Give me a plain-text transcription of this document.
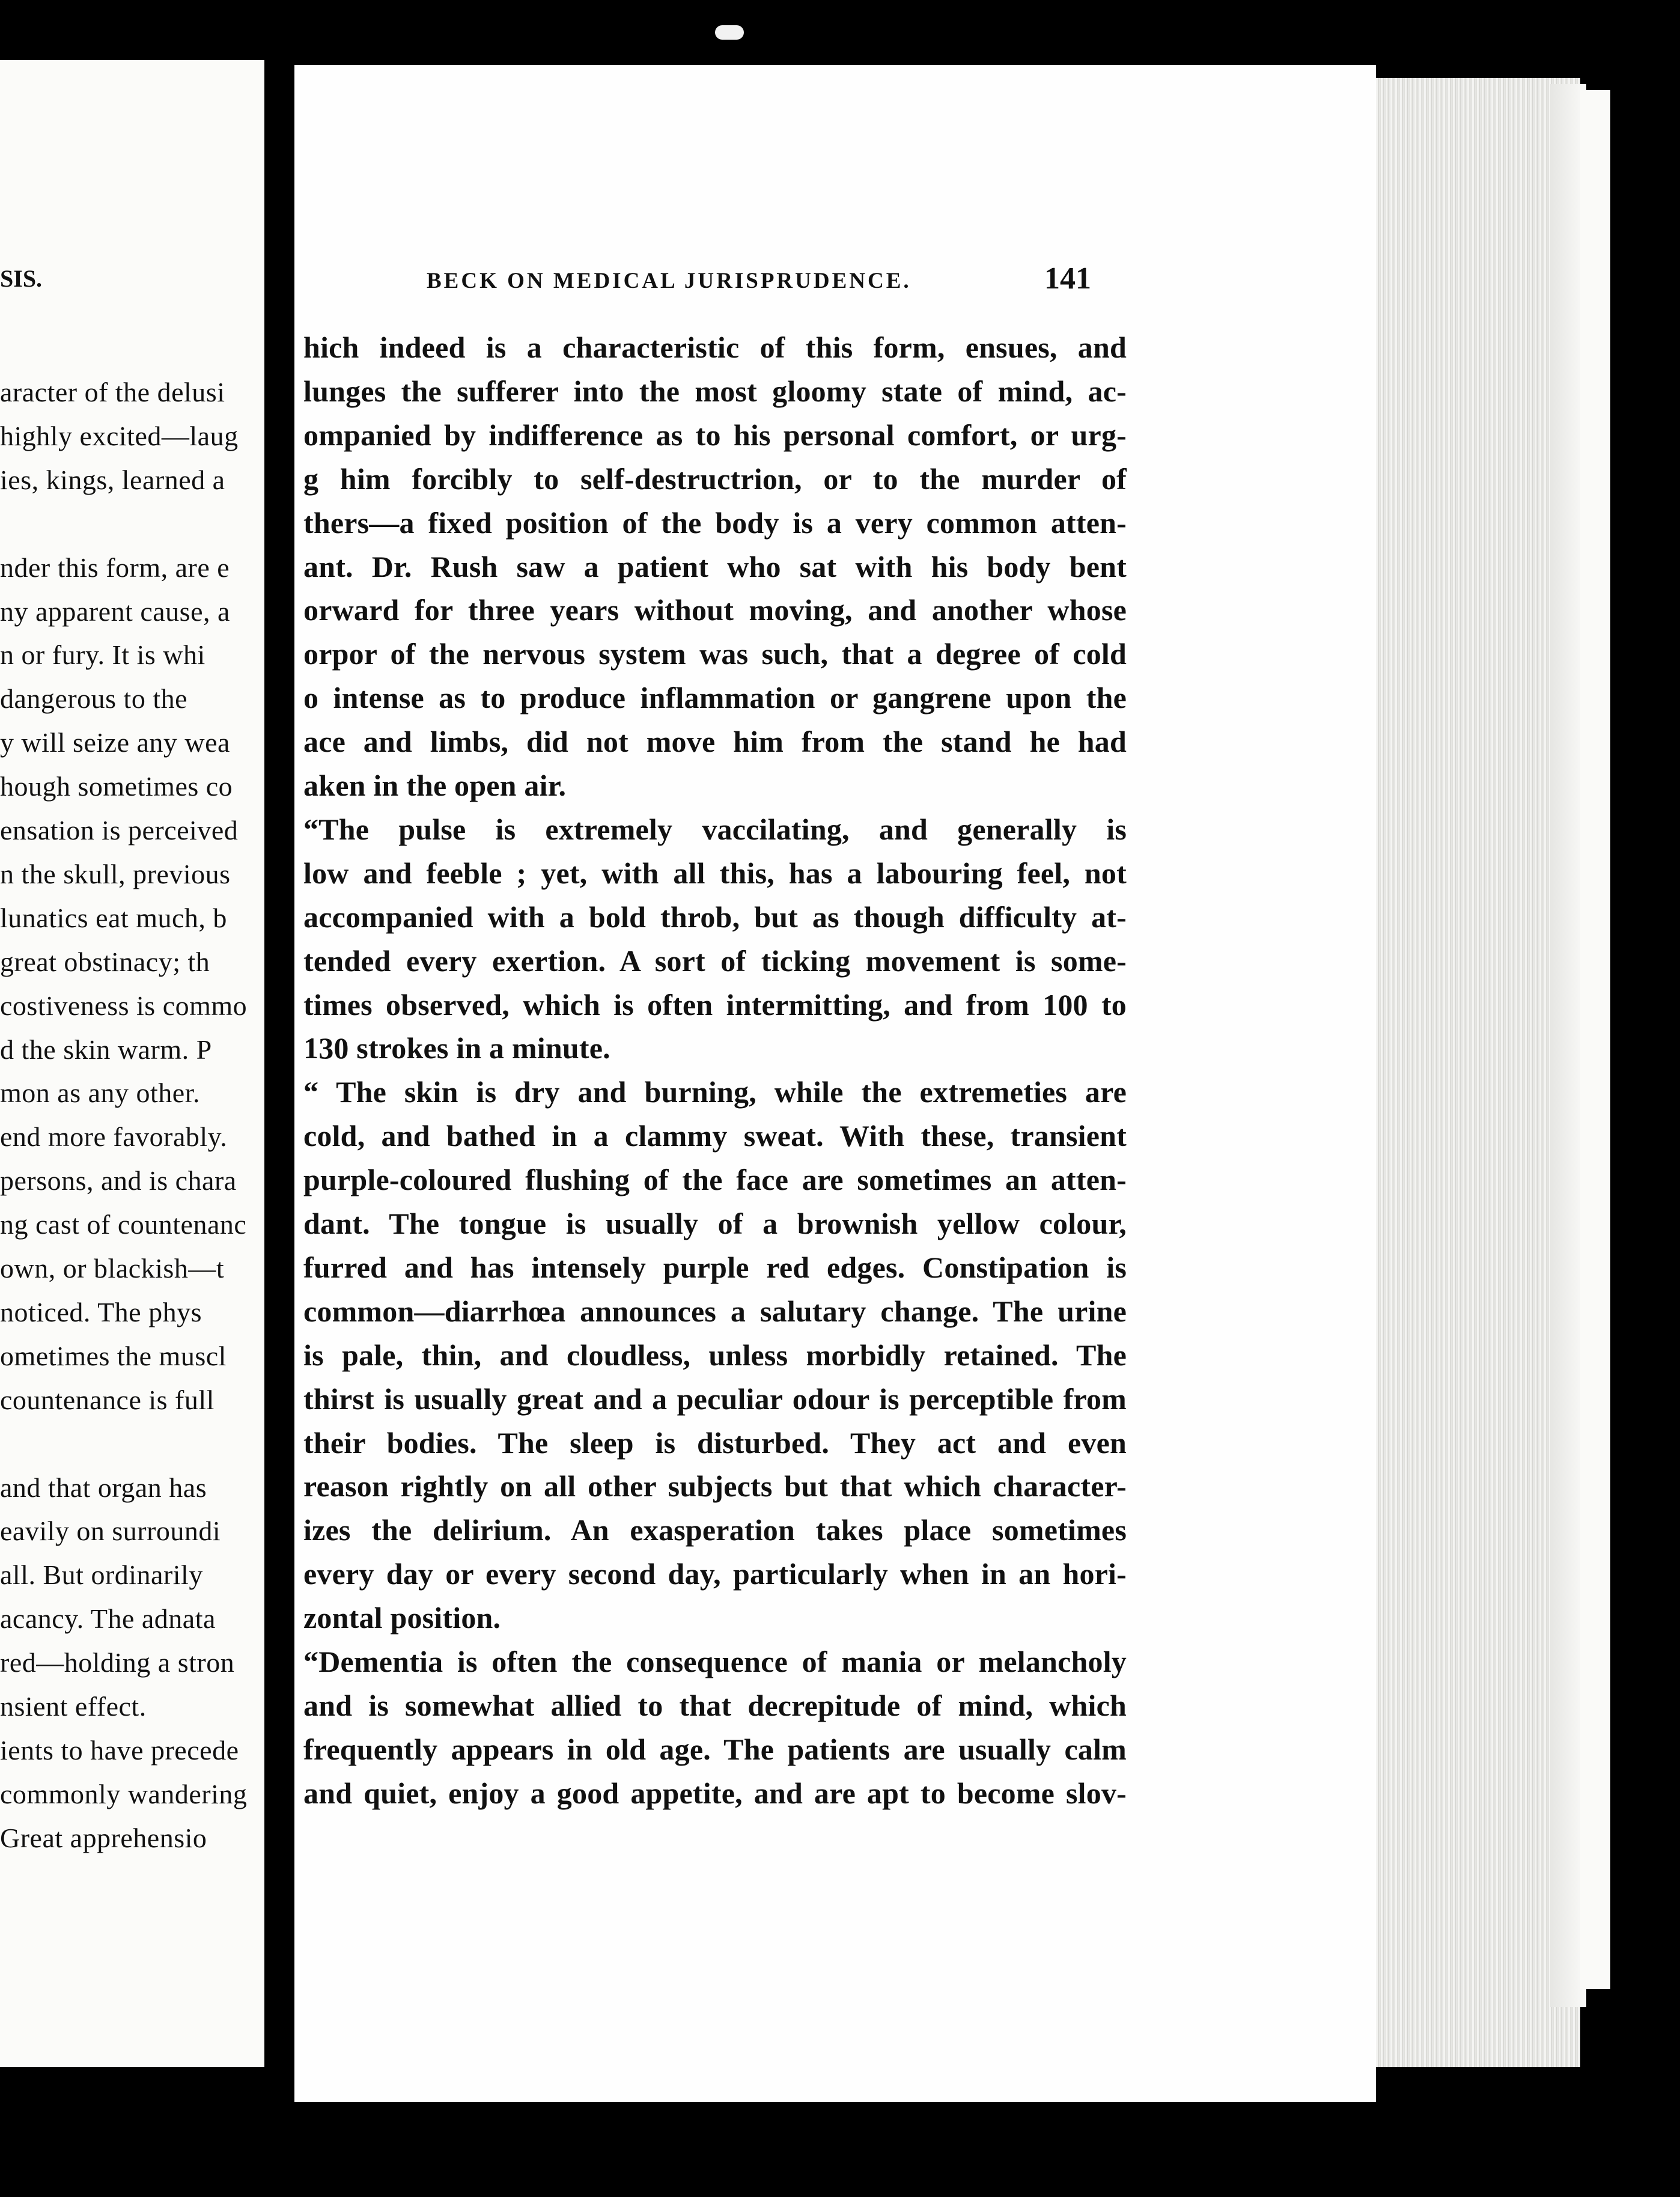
SIS.
aracter of the delusi
highly excited—laug
ies, kings, learned a
nder this form, are e
ny apparent cause, a
n or fury. It is whi
dangerous to the
y will seize any wea
hough sometimes co
ensation is perceived
n the skull, previous
lunatics eat much, b
great obstinacy; th
costiveness is commo
d the skin warm. P
mon as any other.
end more favorably.
persons, and is chara
ng cast of countenanc
own, or blackish—t
noticed. The phys
ometimes the muscl
countenance is full
and that organ has
eavily on surroundi
all. But ordinarily
acancy. The adnata
red—holding a stron
nsient effect.
ients to have precede
commonly wandering
Great apprehensio
BECK ON MEDICAL JURISPRUDENCE.	141
hich indeed is a characteristic of this form, ensues, and
lunges the sufferer into the most gloomy state of mind, ac-
ompanied by indifference as to his personal comfort, or urg-
g him forcibly to self-destructrion, or to the murder of
thers—a fixed position of the body is a very common atten-
ant. Dr. Rush saw a patient who sat with his body bent
orward for three years without moving, and another whose
orpor of the nervous system was such, that a degree of cold
o intense as to produce inflammation or gangrene upon the
ace and limbs, did not move him from the stand he had
aken in the open air.
“The pulse is extremely vaccilating, and generally is
low and feeble ; yet, with all this, has a labouring feel, not
accompanied with a bold throb, but as though difficulty at-
tended every exertion. A sort of ticking movement is some-
times observed, which is often intermitting, and from 100 to
130 strokes in a minute.
“ The skin is dry and burning, while the extremeties are
cold, and bathed in a clammy sweat. With these, transient
purple-coloured flushing of the face are sometimes an atten-
dant. The tongue is usually of a brownish yellow colour,
furred and has intensely purple red edges. Constipation is
common—diarrhœa announces a salutary change. The urine
is pale, thin, and cloudless, unless morbidly retained. The
thirst is usually great and a peculiar odour is perceptible from
their bodies. The sleep is disturbed. They act and even
reason rightly on all other subjects but that which character-
izes the delirium. An exasperation takes place sometimes
every day or every second day, particularly when in an hori-
zontal position.
“Dementia is often the consequence of mania or melancholy
and is somewhat allied to that decrepitude of mind, which
frequently appears in old age. The patients are usually calm
and quiet, enjoy a good appetite, and are apt to become slov-
